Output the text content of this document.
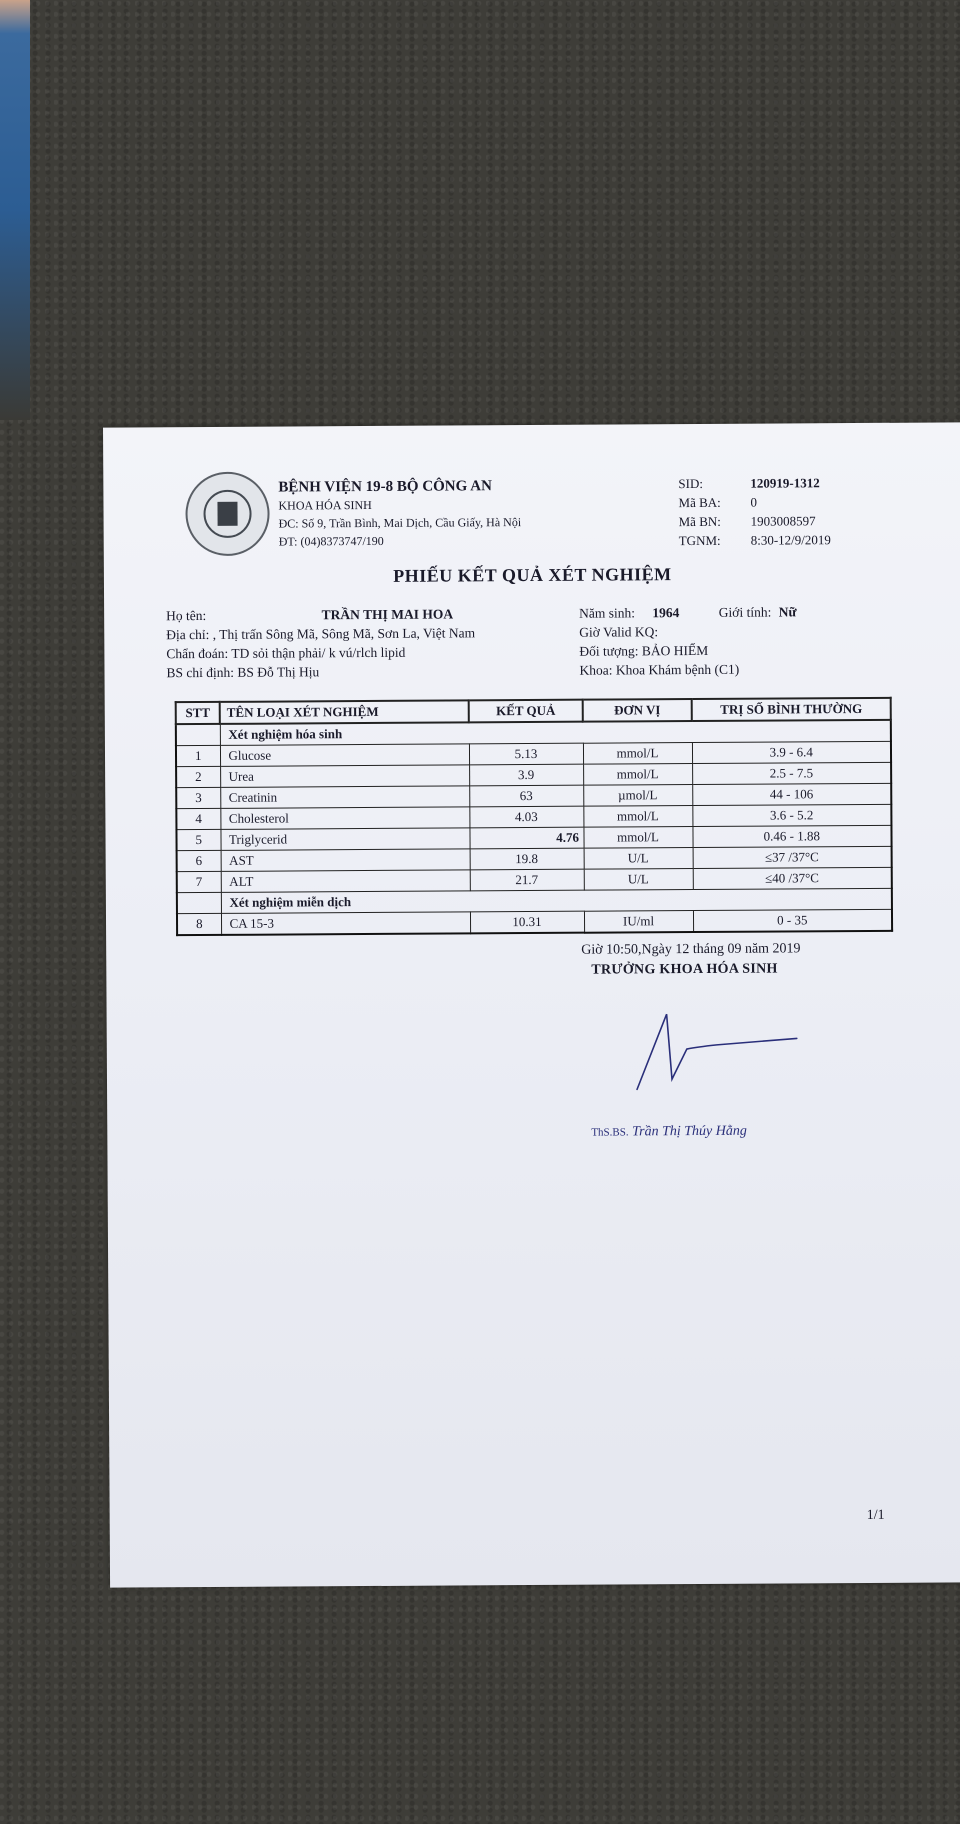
BỆNH VIỆN 19-8 BỘ CÔNG AN
KHOA HÓA SINH
ĐC: Số 9, Trần Bình, Mai Dịch, Cầu Giấy, Hà Nội
ĐT: (04)8373747/190
SID:	120919-1312
Mã BA:	0
Mã BN:	1903008597
TGNM:	8:30-12/9/2019
PHIẾU KẾT QUẢ XÉT NGHIỆM
Họ tên:	TRẦN THỊ MAI HOA	Năm sinh: 1964	Giới tính: Nữ
Địa chỉ: , Thị trấn Sông Mã, Sông Mã, Sơn La, Việt Nam	Giờ Valid KQ:
Chẩn đoán: TD sỏi thận phải/ k vú/rlch lipid	Đối tượng: BẢO HIỂM
BS chỉ định: BS Đỗ Thị Hịu	Khoa: Khoa Khám bệnh (C1)
STT	TÊN LOẠI XÉT NGHIỆM	KẾT QUẢ	ĐƠN VỊ	TRỊ SỐ BÌNH THƯỜNG
	Xét nghiệm hóa sinh			
1	Glucose	5.13	mmol/L	3.9 - 6.4
2	Urea	3.9	mmol/L	2.5 - 7.5
3	Creatinin	63	µmol/L	44 - 106
4	Cholesterol	4.03	mmol/L	3.6 - 5.2
5	Triglycerid	4.76	mmol/L	0.46 - 1.88
6	AST	19.8	U/L	≤37 /37°C
7	ALT	21.7	U/L	≤40 /37°C
	Xét nghiệm miễn dịch			
8	CA 15-3	10.31	IU/ml	0 - 35
Giờ 10:50,Ngày 12 tháng 09 năm 2019
TRƯỞNG KHOA HÓA SINH
ThS.BS. Trần Thị Thúy Hằng
1/1
